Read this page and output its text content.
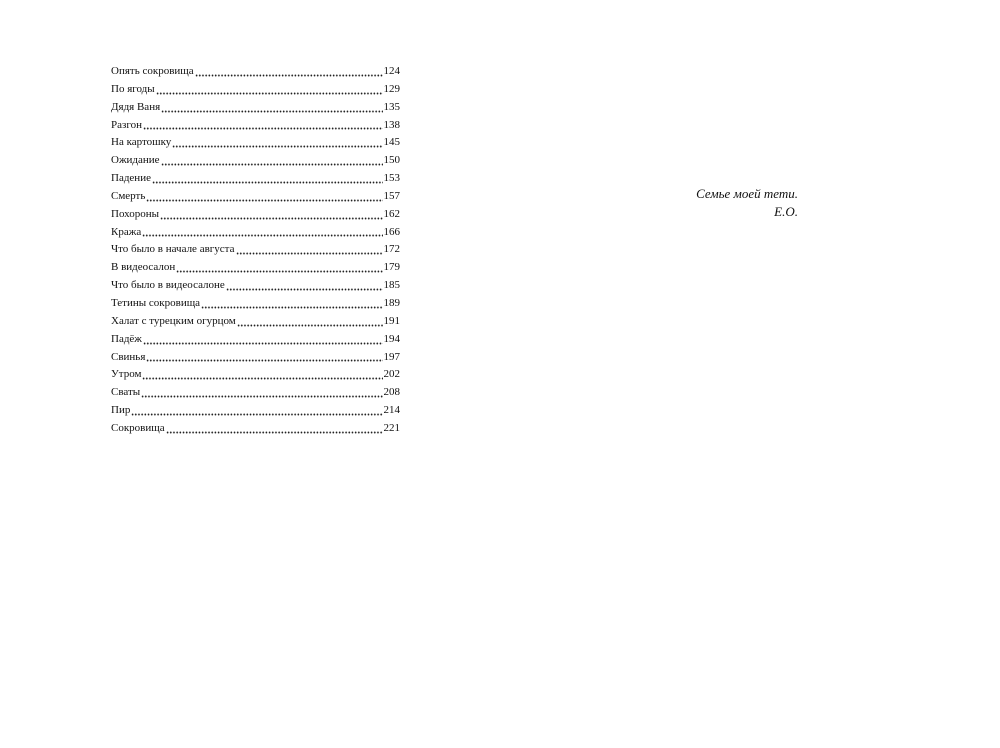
Опять сокровища	124
По ягоды	129
Дядя Ваня	135
Разгон	138
На картошку	145
Ожидание	150
Падение	153
Смерть	157
Похороны	162
Кража	166
Что было в начале августа	172
В видеосалон	179
Что было в видеосалоне	185
Тетины сокровища	189
Халат с турецким огурцом	191
Падёж	194
Свинья	197
Утром	202
Сваты	208
Пир	214
Сокровища	221
Семье моей тети.
Е.О.
